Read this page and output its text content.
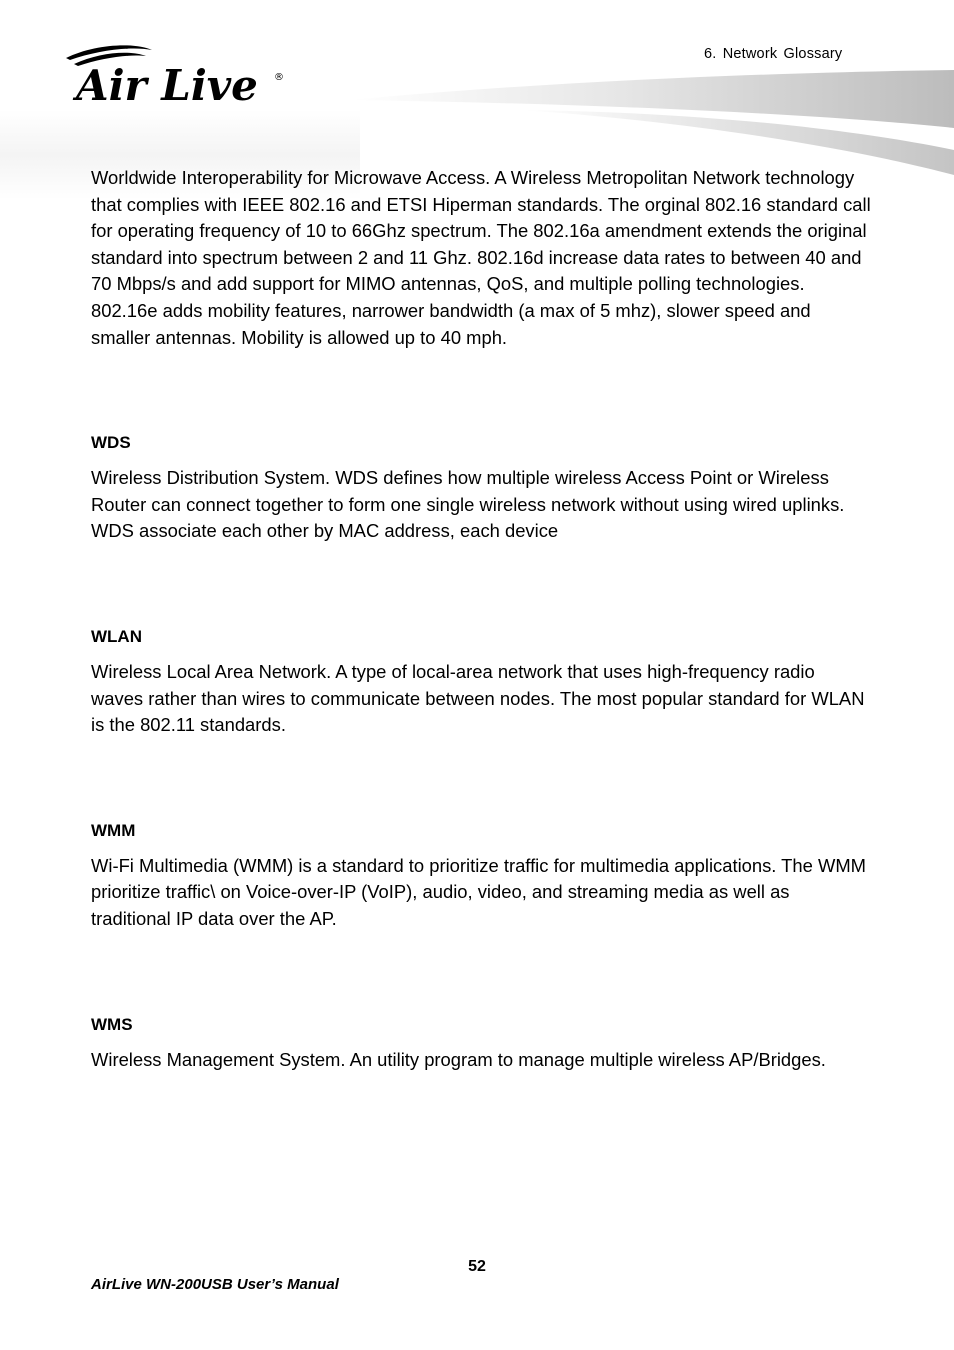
Air Live ®
6. Network Glossary

Worldwide Interoperability for Microwave Access. A Wireless Metropolitan Network technology that complies with IEEE 802.16 and ETSI Hiperman standards. The orginal 802.16 standard call for operating frequency of 10 to 66Ghz spectrum. The 802.16a amendment extends the original standard into spectrum between 2 and 11 Ghz. 802.16d increase data rates to between 40 and 70 Mbps/s and add support for MIMO antennas, QoS, and multiple polling technologies. 802.16e adds mobility features, narrower bandwidth (a max of 5 mhz), slower speed and smaller antennas. Mobility is allowed up to 40 mph.

WDS

Wireless Distribution System. WDS defines how multiple wireless Access Point or Wireless Router can connect together to form one single wireless network without using wired uplinks. WDS associate each other by MAC address, each device

WLAN

Wireless Local Area Network. A type of local-area network that uses high-frequency radio waves rather than wires to communicate between nodes. The most popular standard for WLAN is the 802.11 standards.

WMM

Wi-Fi Multimedia (WMM) is a standard to prioritize traffic for multimedia applications. The WMM prioritize traffic\ on Voice-over-IP (VoIP), audio, video, and streaming media as well as traditional IP data over the AP.

WMS

Wireless Management System. An utility program to manage multiple wireless AP/Bridges.

52
AirLive WN-200USB User’s Manual
